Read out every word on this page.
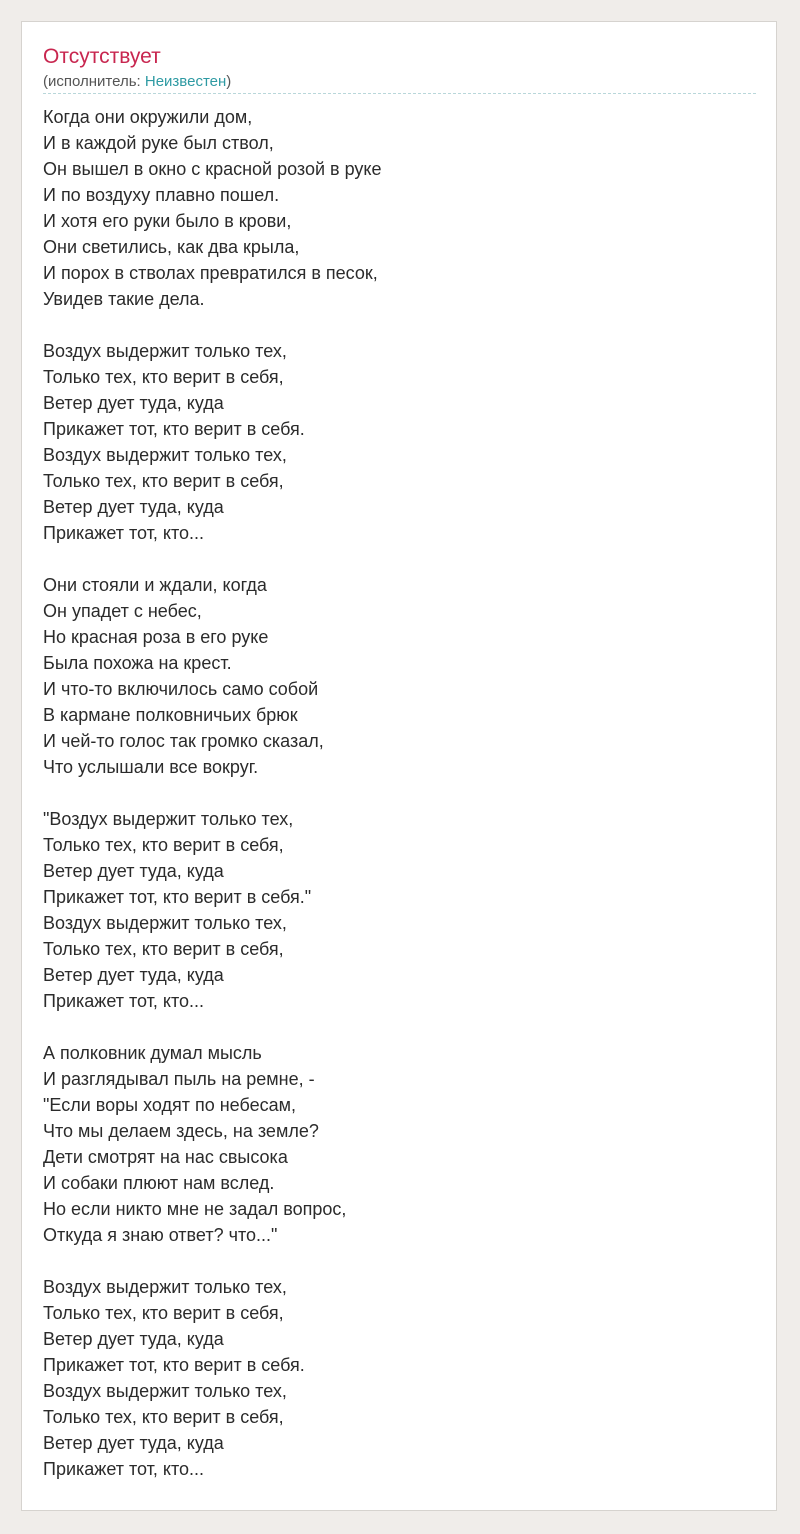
Отсутствует
(исполнитель: Неизвестен)
Когда они окружили дом,
И в каждой руке был ствол,
Он вышел в окно с красной розой в руке
И по воздуху плавно пошел.
И хотя его руки было в крови,
Они светились, как два крыла,
И порох в стволах превратился в песок,
Увидев такие дела.
Воздух выдержит только тех,
Только тех, кто верит в себя,
Ветер дует туда, куда
Прикажет тот, кто верит в себя.
Воздух выдержит только тех,
Только тех, кто верит в себя,
Ветер дует туда, куда
Прикажет тот, кто...
Они стояли и ждали, когда
Он упадет с небес,
Но красная роза в его руке
Была похожа на крест.
И что-то включилось само собой
В кармане полковничьих брюк
И чей-то голос так громко сказал,
Что услышали все вокруг.
"Воздух выдержит только тех,
Только тех, кто верит в себя,
Ветер дует туда, куда
Прикажет тот, кто верит в себя."
Воздух выдержит только тех,
Только тех, кто верит в себя,
Ветер дует туда, куда
Прикажет тот, кто...
А полковник думал мысль
И разглядывал пыль на ремне, -
"Если воры ходят по небесам,
Что мы делаем здесь, на земле?
Дети смотрят на нас свысока
И собаки плюют нам вслед.
Но если никто мне не задал вопрос,
Откуда я знаю ответ? что..."
Воздух выдержит только тех,
Только тех, кто верит в себя,
Ветер дует туда, куда
Прикажет тот, кто верит в себя.
Воздух выдержит только тех,
Только тех, кто верит в себя,
Ветер дует туда, куда
Прикажет тот, кто...
